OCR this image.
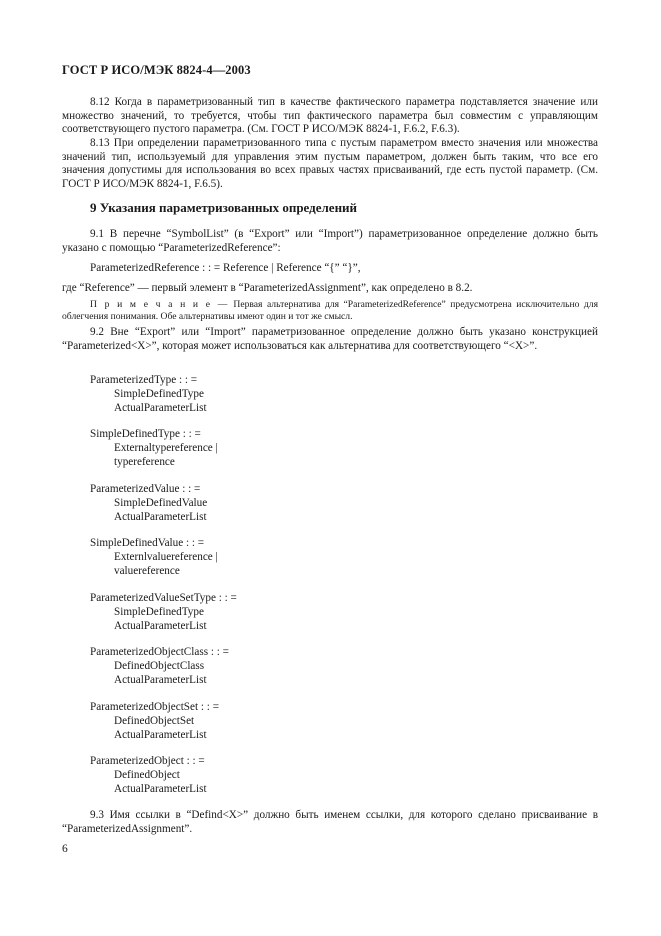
ГОСТ Р ИСО/МЭК 8824-4—2003
8.12 Когда в параметризованный тип в качестве фактического параметра подставляется значение или множество значений, то требуется, чтобы тип фактического параметра был совместим с управляющим соответствующего пустого параметра. (См. ГОСТ Р ИСО/МЭК 8824-1, F.6.2, F.6.3).
8.13 При определении параметризованного типа с пустым параметром вместо значения или множества значений тип, используемый для управления этим пустым параметром, должен быть таким, что все его значения допустимы для использования во всех правых частях присваиваний, где есть пустой параметр. (См. ГОСТ Р ИСО/МЭК 8824-1, F.6.5).
9 Указания параметризованных определений
9.1 В перечне “SymbolList” (в “Export” или “Import”) параметризованное определение должно быть указано с помощью “ParameterizedReference”:
ParameterizedReference : : = Reference | Reference “{” “}”,
где “Reference” — первый элемент в “ParameterizedAssignment”, как определено в 8.2.
П р и м е ч а н и е — Первая альтернатива для “ParameterizedReference” предусмотрена исключительно для облегчения понимания. Обе альтернативы имеют один и тот же смысл.
9.2 Вне “Export” или “Import” параметризованное определение должно быть указано конструкцией “Parameterized<X>”, которая может использоваться как альтернатива для соответствующего “<X>”.
ParameterizedType : : =
SimpleDefinedType
ActualParameterList
SimpleDefinedType : : =
Externaltypereference |
typereference
ParameterizedValue : : =
SimpleDefinedValue
ActualParameterList
SimpleDefinedValue : : =
Externlvaluereference |
valuereference
ParameterizedValueSetType : : =
SimpleDefinedType
ActualParameterList
ParameterizedObjectClass : : =
DefinedObjectClass
ActualParameterList
ParameterizedObjectSet : : =
DefinedObjectSet
ActualParameterList
ParameterizedObject : : =
DefinedObject
ActualParameterList
9.3 Имя ссылки в “Defind<X>” должно быть именем ссылки, для которого сделано присваивание в “ParameterizedAssignment”.
6
